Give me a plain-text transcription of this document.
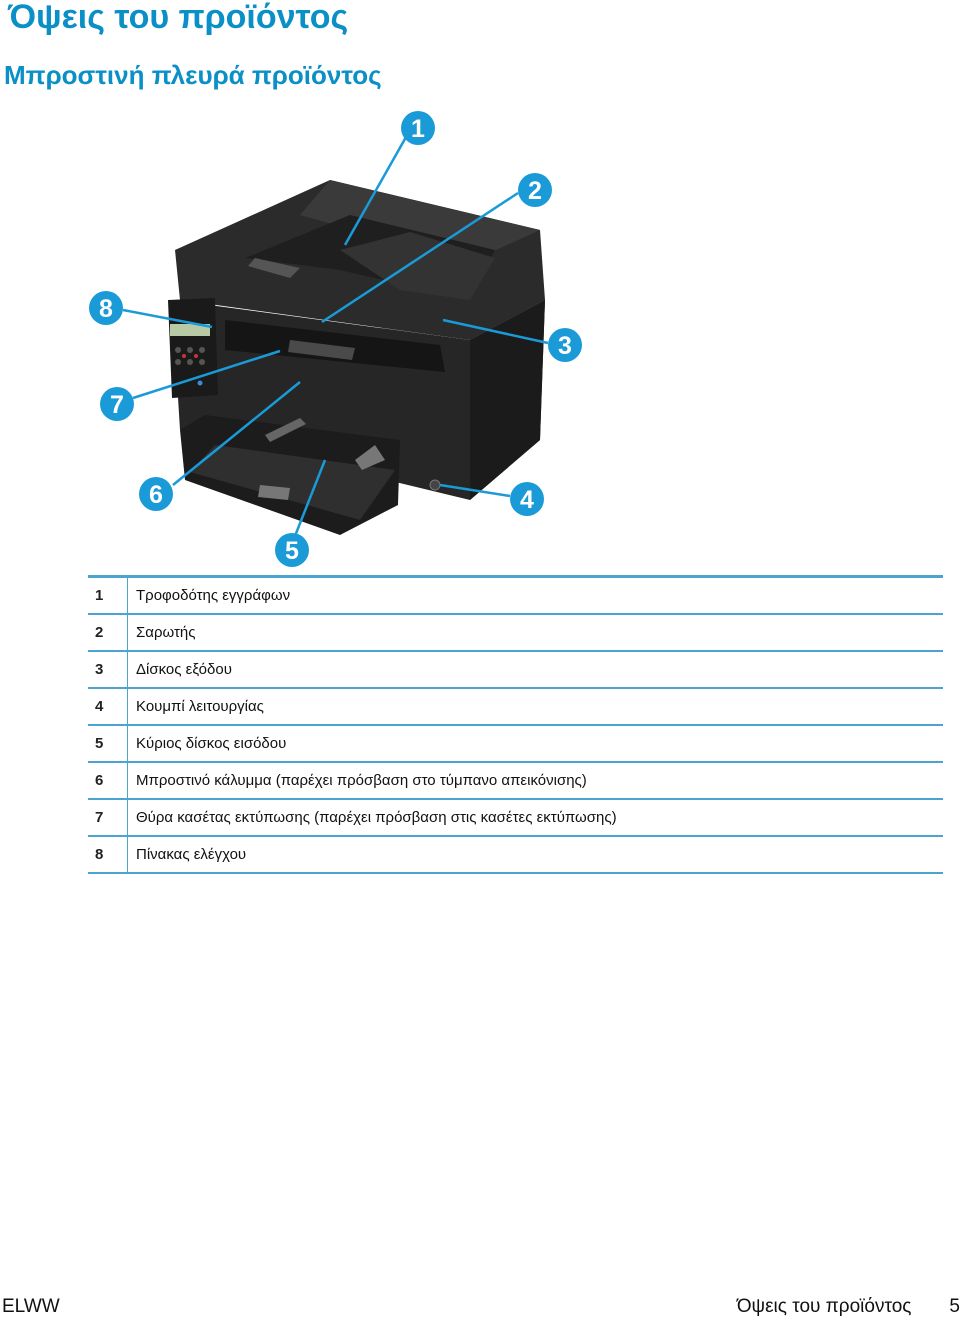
Όψεις του προϊόντος
Μπροστινή πλευρά προϊόντος
1
2
3
4
5
6
7
8
1	Τροφοδότης εγγράφων
2	Σαρωτής
3	Δίσκος εξόδου
4	Κουμπί λειτουργίας
5	Κύριος δίσκος εισόδου
6	Μπροστινό κάλυμμα (παρέχει πρόσβαση στο τύμπανο απεικόνισης)
7	Θύρα κασέτας εκτύπωσης (παρέχει πρόσβαση στις κασέτες εκτύπωσης)
8	Πίνακας ελέγχου
ELWW	Όψεις του προϊόντος 5
